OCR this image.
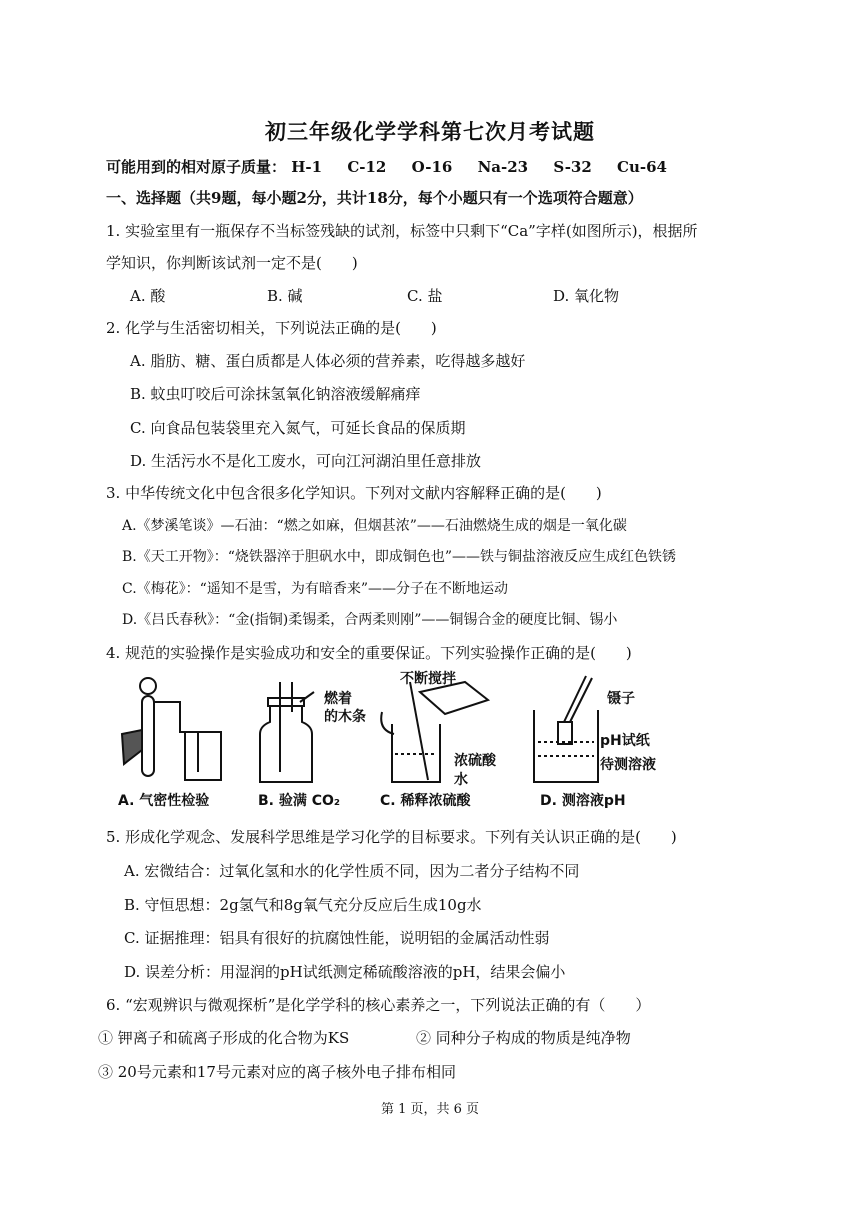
初三年级化学学科第七次月考试题
可能用到的相对原子质量： H-1 C-12 O-16 Na-23 S-32 Cu-64
一、选择题（共9题，每小题2分，共计18分，每个小题只有一个选项符合题意）
1. 实验室里有一瓶保存不当标签残缺的试剂，标签中只剩下“Ca”字样(如图所示)，根据所
学知识，你判断该试剂一定不是(　　)
A. 酸	B. 碱	C. 盐	D. 氧化物
2. 化学与生活密切相关，下列说法正确的是(　　)
A. 脂肪、糖、蛋白质都是人体必须的营养素，吃得越多越好
B. 蚊虫叮咬后可涂抹氢氧化钠溶液缓解痛痒
C. 向食品包装袋里充入氮气，可延长食品的保质期
D. 生活污水不是化工废水，可向江河湖泊里任意排放
3. 中华传统文化中包含很多化学知识。下列对文献内容解释正确的是(　　)
A.《梦溪笔谈》—石油：“燃之如麻，但烟甚浓”——石油燃烧生成的烟是一氧化碳
B.《天工开物》：“烧铁器淬于胆矾水中，即成铜色也”——铁与铜盐溶液反应生成红色铁锈
C.《梅花》：“遥知不是雪，为有暗香来”——分子在不断地运动
D.《吕氏春秋》：“金(指铜)柔锡柔，合两柔则刚”——铜锡合金的硬度比铜、锡小
4. 规范的实验操作是实验成功和安全的重要保证。下列实验操作正确的是(　　)
燃着
的木条
不断搅拌
浓硫酸
水
镊子
pH试纸
待测溶液
A. 气密性检验	B. 验满 CO₂	C. 稀释浓硫酸	D. 测溶液pH
5. 形成化学观念、发展科学思维是学习化学的目标要求。下列有关认识正确的是(　　)
A. 宏微结合：过氧化氢和水的化学性质不同，因为二者分子结构不同
B. 守恒思想：2g氢气和8g氧气充分反应后生成10g水
C. 证据推理：铝具有很好的抗腐蚀性能，说明铝的金属活动性弱
D. 误差分析：用湿润的pH试纸测定稀硫酸溶液的pH，结果会偏小
6. “宏观辨识与微观探析”是化学学科的核心素养之一，下列说法正确的有（　　）
① 钾离子和硫离子形成的化合物为KS	② 同种分子构成的物质是纯净物
③ 20号元素和17号元素对应的离子核外电子排布相同
第 1 页，共 6 页
